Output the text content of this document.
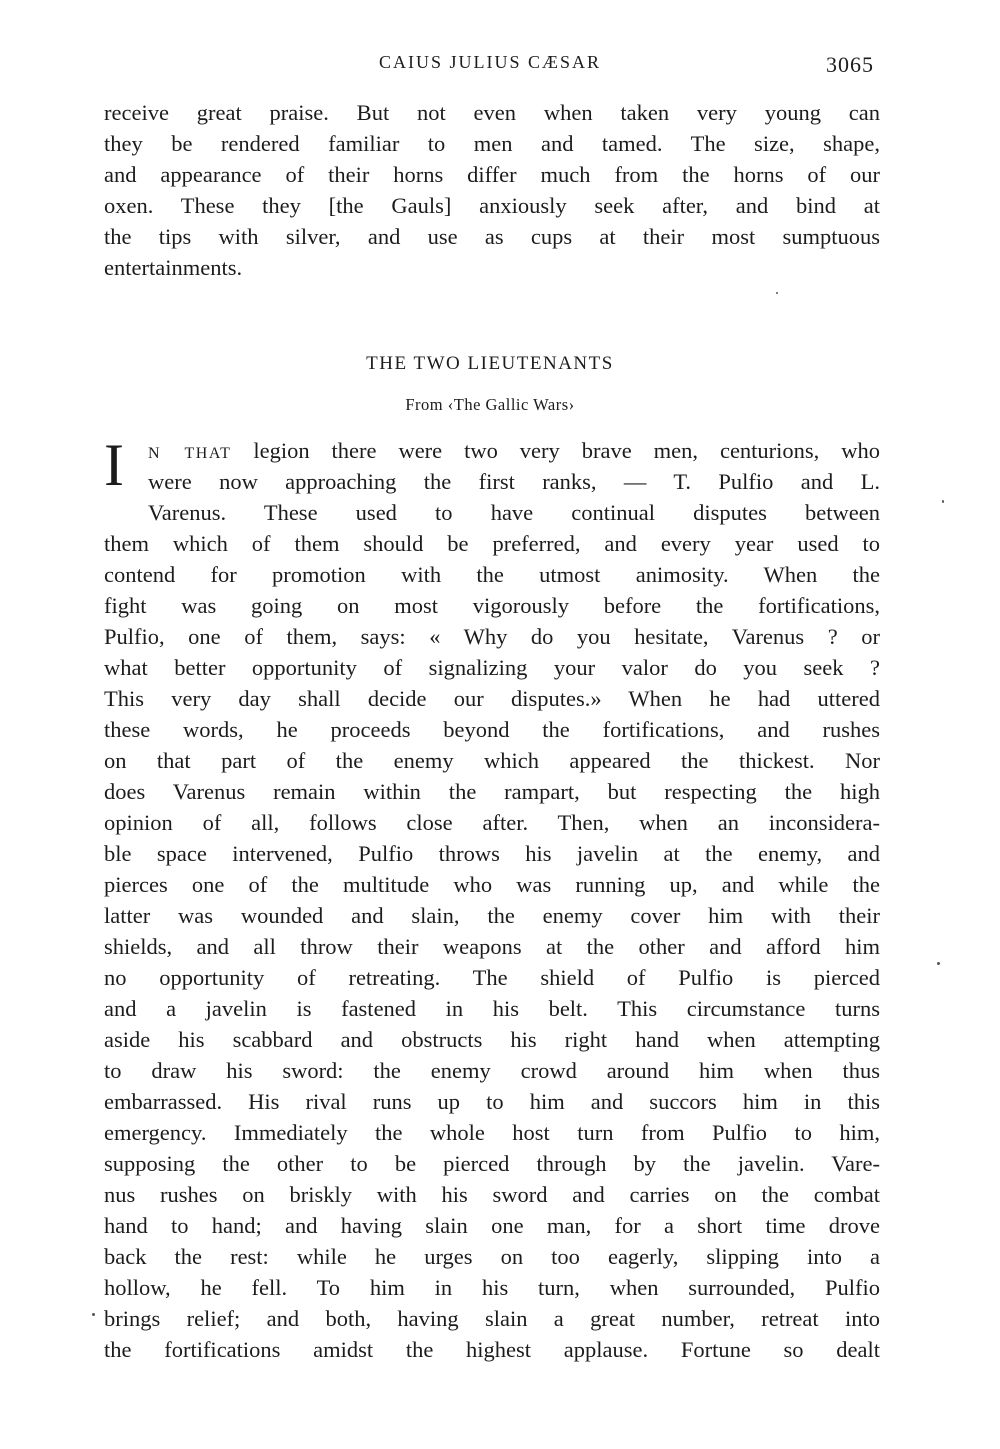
CAIUS JULIUS CÆSAR	3065
receive great praise. But not even when taken very young can
they be rendered familiar to men and tamed. The size, shape,
and appearance of their horns differ much from the horns of our
oxen. These they [the Gauls] anxiously seek after, and bind at
the tips with silver, and use as cups at their most sumptuous
entertainments.
THE TWO LIEUTENANTS
From ‹The Gallic Wars›
I	n that legion there were two very brave men, centurions, who
were now approaching the first ranks, — T. Pulfio and L.
Varenus. These used to have continual disputes between
them which of them should be preferred, and every year used to
contend for promotion with the utmost animosity. When the
fight was going on most vigorously before the fortifications,
Pulfio, one of them, says: « Why do you hesitate, Varenus ? or
what better opportunity of signalizing your valor do you seek ?
This very day shall decide our disputes.» When he had uttered
these words, he proceeds beyond the fortifications, and rushes
on that part of the enemy which appeared the thickest. Nor
does Varenus remain within the rampart, but respecting the high
opinion of all, follows close after. Then, when an inconsidera-
ble space intervened, Pulfio throws his javelin at the enemy, and
pierces one of the multitude who was running up, and while the
latter was wounded and slain, the enemy cover him with their
shields, and all throw their weapons at the other and afford him
no opportunity of retreating. The shield of Pulfio is pierced
and a javelin is fastened in his belt. This circumstance turns
aside his scabbard and obstructs his right hand when attempting
to draw his sword: the enemy crowd around him when thus
embarrassed. His rival runs up to him and succors him in this
emergency. Immediately the whole host turn from Pulfio to him,
supposing the other to be pierced through by the javelin. Vare-
nus rushes on briskly with his sword and carries on the combat
hand to hand; and having slain one man, for a short time drove
back the rest: while he urges on too eagerly, slipping into a
hollow, he fell. To him in his turn, when surrounded, Pulfio
brings relief; and both, having slain a great number, retreat into
the fortifications amidst the highest applause. Fortune so dealt
